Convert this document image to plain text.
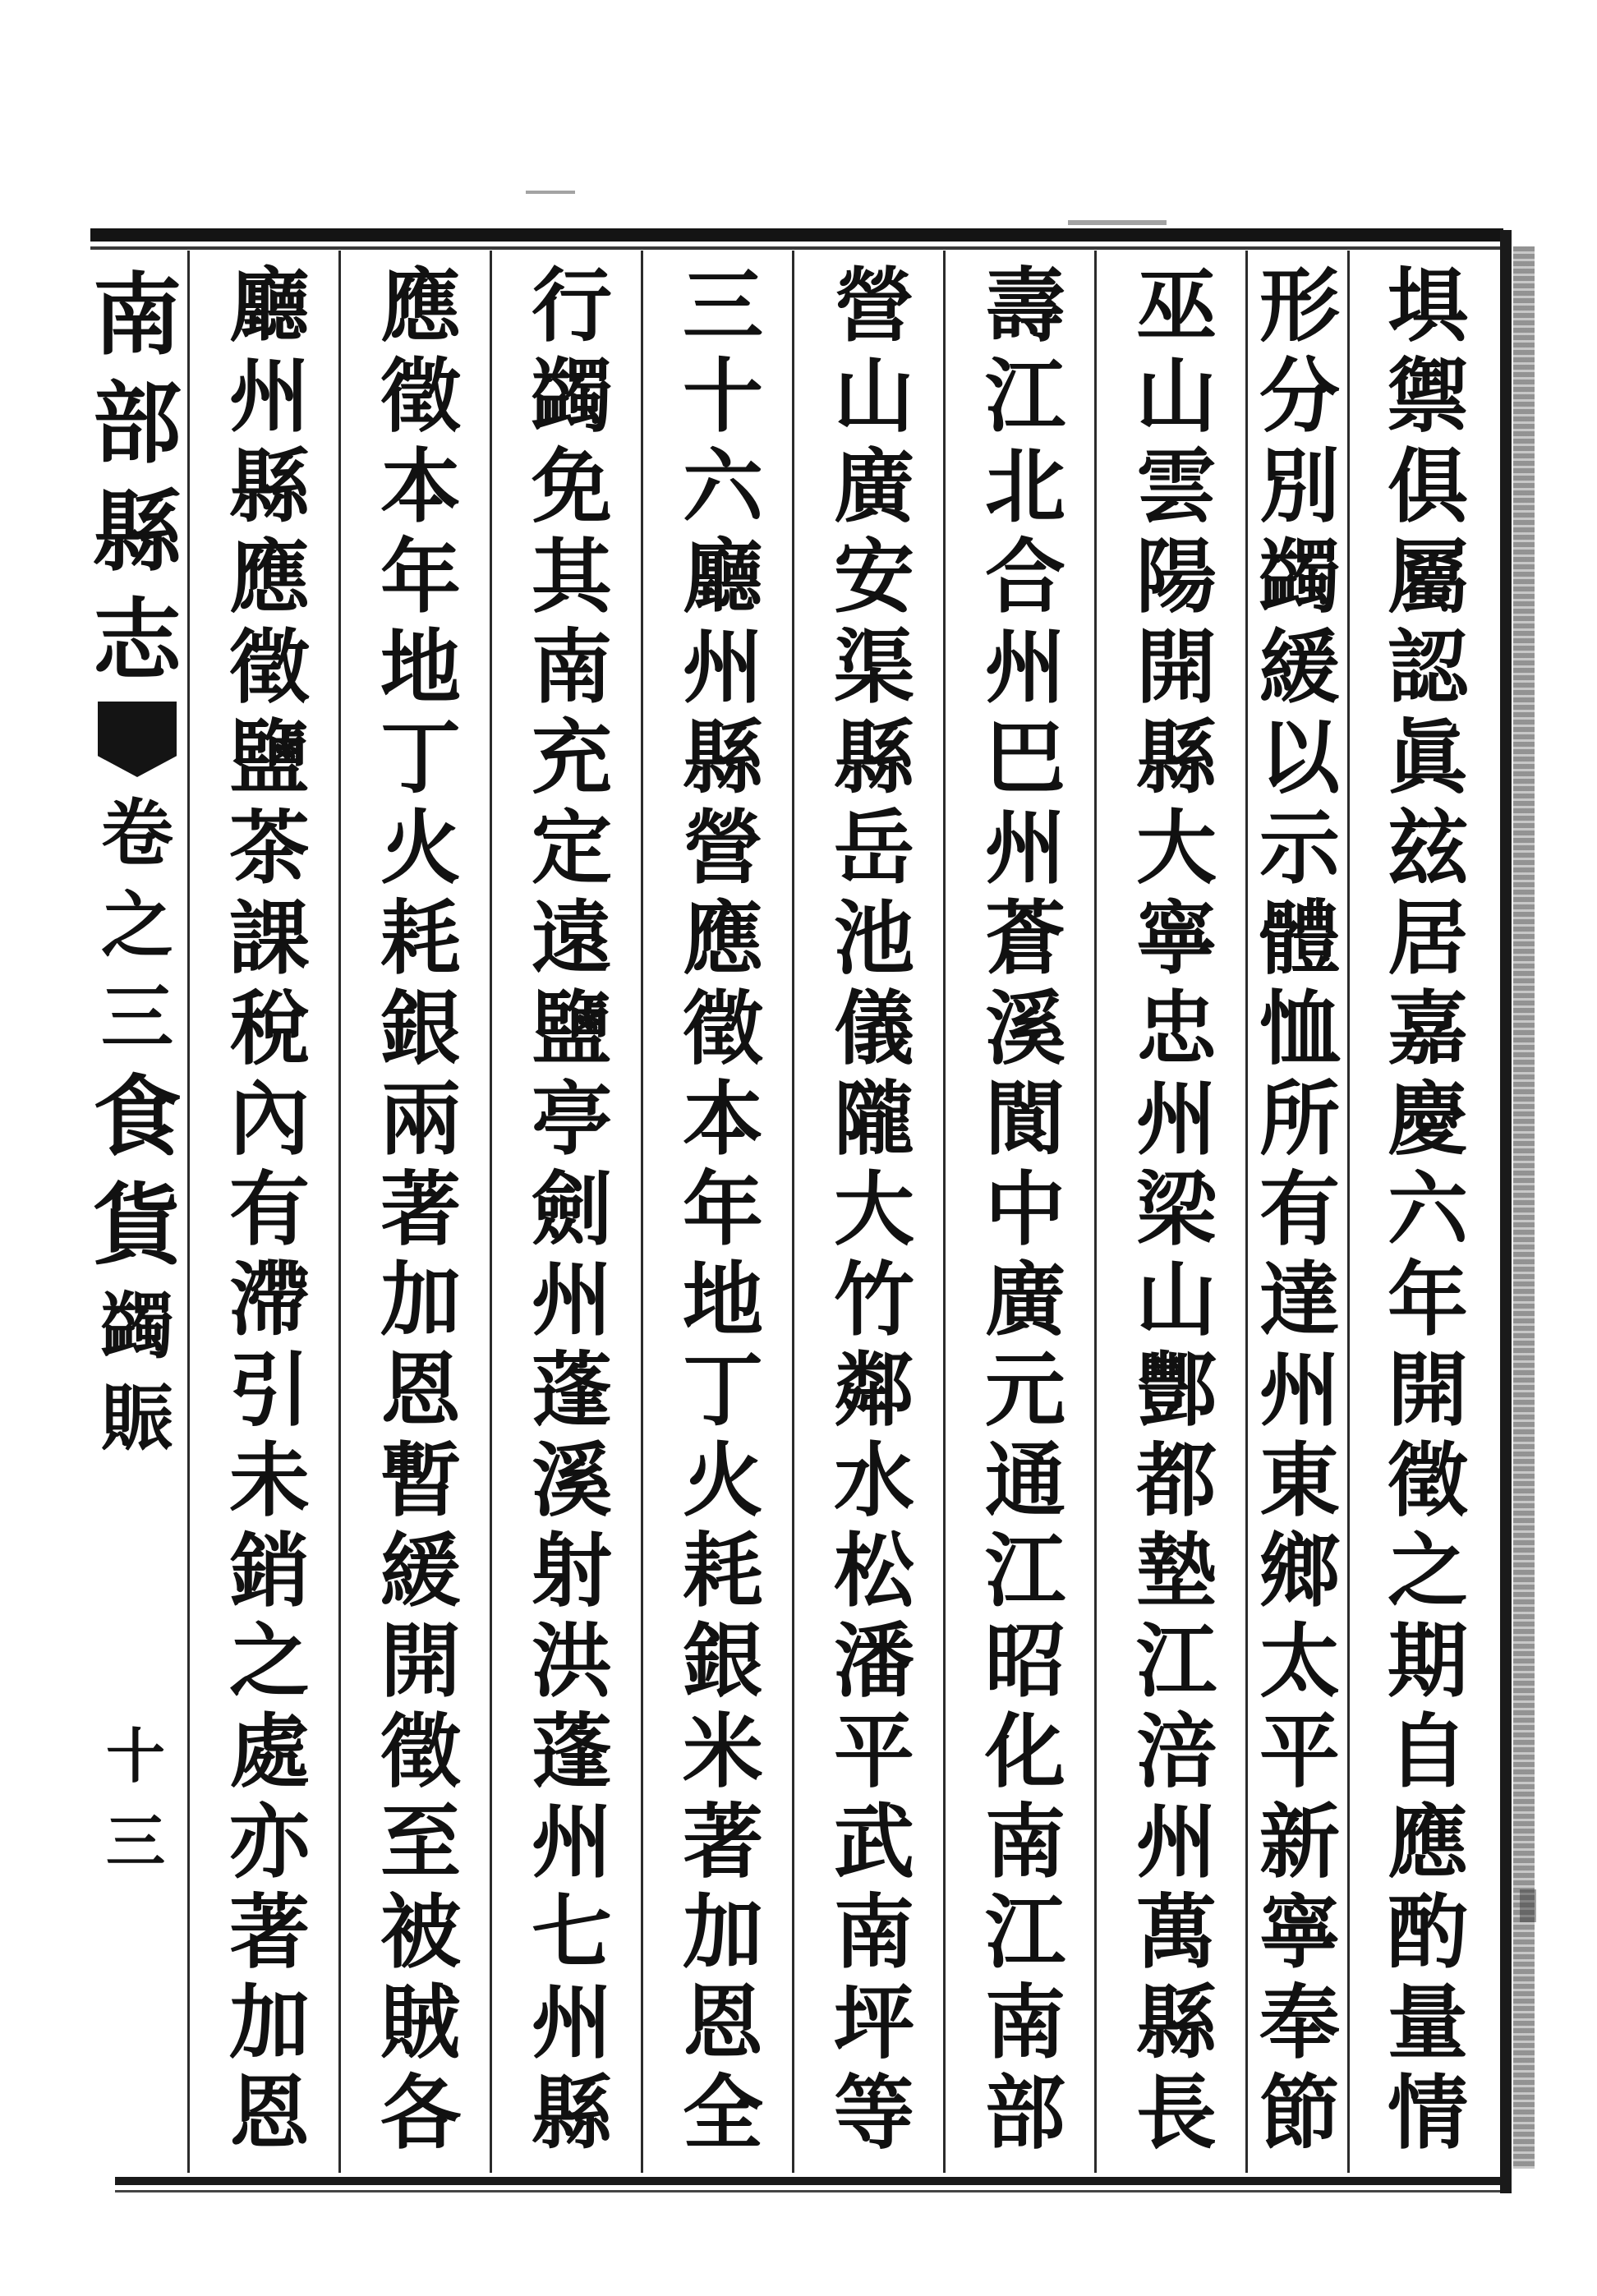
南
部
縣
志
卷
之
三
食
貨
蠲
賑
十三
埧
禦
俱
屬
認
眞
玆
居
嘉
慶
六
年
開
徵
之
期
自
應
酌
量
情
形
分
別
蠲
緩
以
示
體
恤
所
有
達
州
東
鄉
太
平
新
寧
奉
節
巫
山
雲
陽
開
縣
大
寧
忠
州
梁
山
酆
都
墊
江
涪
州
萬
縣
長
壽
江
北
合
州
巴
州
蒼
溪
閬
中
廣
元
通
江
昭
化
南
江
南
部
營
山
廣
安
渠
縣
岳
池
儀
隴
大
竹
鄰
水
松
潘
平
武
南
坪
等
三
十
六
廳
州
縣
營
應
徵
本
年
地
丁
火
耗
銀
米
著
加
恩
全
行
蠲
免
其
南
充
定
遠
鹽
亭
劍
州
蓬
溪
射
洪
蓬
州
七
州
縣
應
徵
本
年
地
丁
火
耗
銀
兩
著
加
恩
暫
緩
開
徵
至
被
賊
各
廳
州
縣
應
徵
鹽
茶
課
稅
內
有
滯
引
未
銷
之
處
亦
著
加
恩
